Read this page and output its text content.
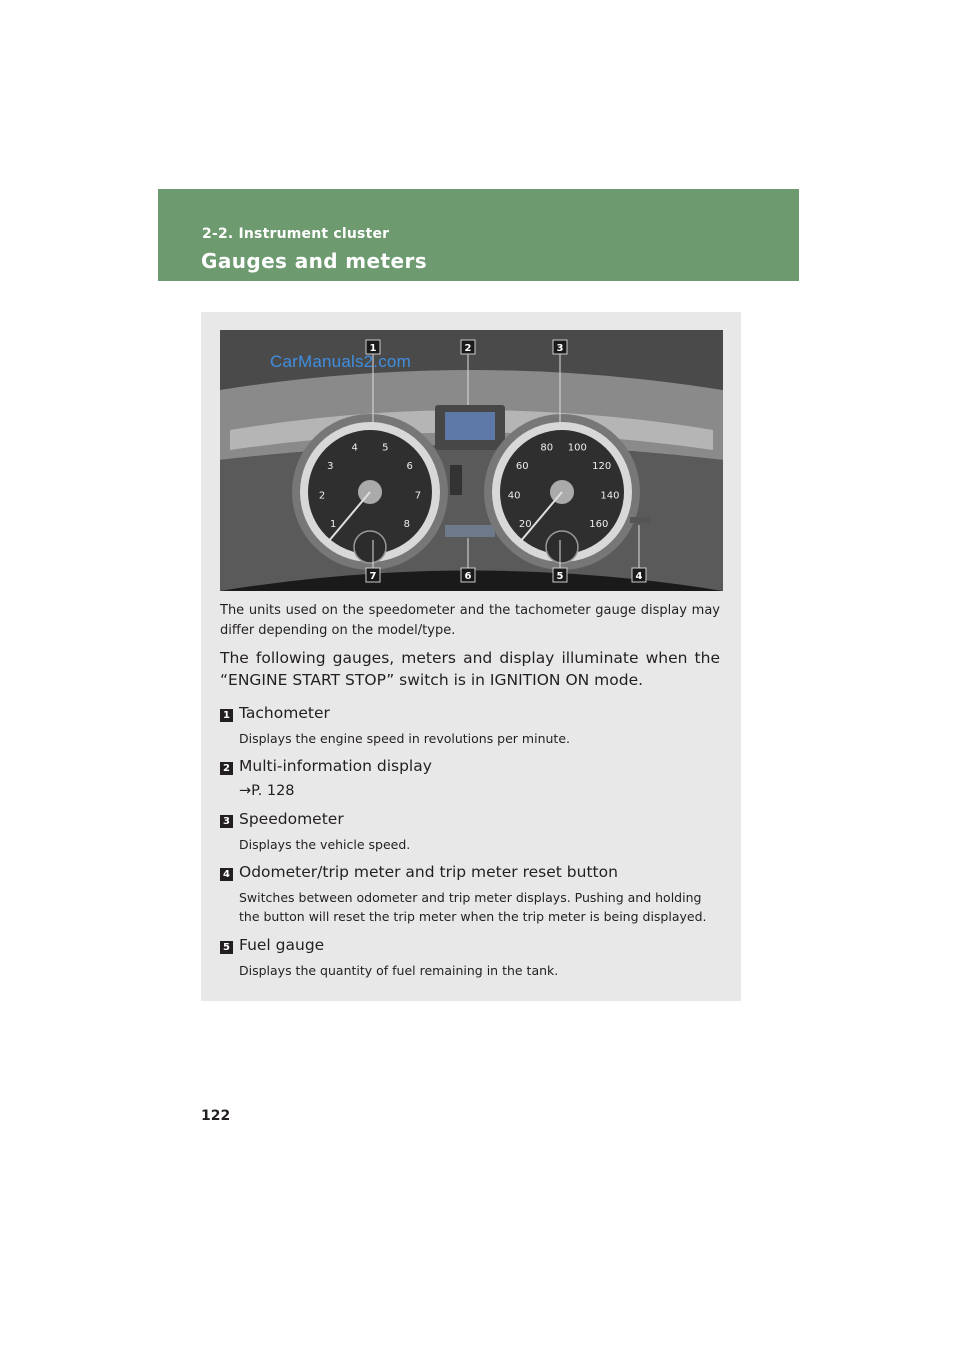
2-2. Instrument cluster
Gauges and meters
1
2
3
4 5
6
7
8	20
40
60
80 100
120
140
160
1	2	3
7	6	5	4
CarManuals2.com
The units used on the speedometer and the tachometer gauge display may differ depending on the model/type.
The following gauges, meters and display illuminate when the “ENGINE START STOP” switch is in IGNITION ON mode.
1 Tachometer
Displays the engine speed in revolutions per minute.
2 Multi-information display
→P. 128
3 Speedometer
Displays the vehicle speed.
4 Odometer/trip meter and trip meter reset button
Switches between odometer and trip meter displays. Pushing and holding the button will reset the trip meter when the trip meter is being displayed.
5 Fuel gauge
Displays the quantity of fuel remaining in the tank.
122
